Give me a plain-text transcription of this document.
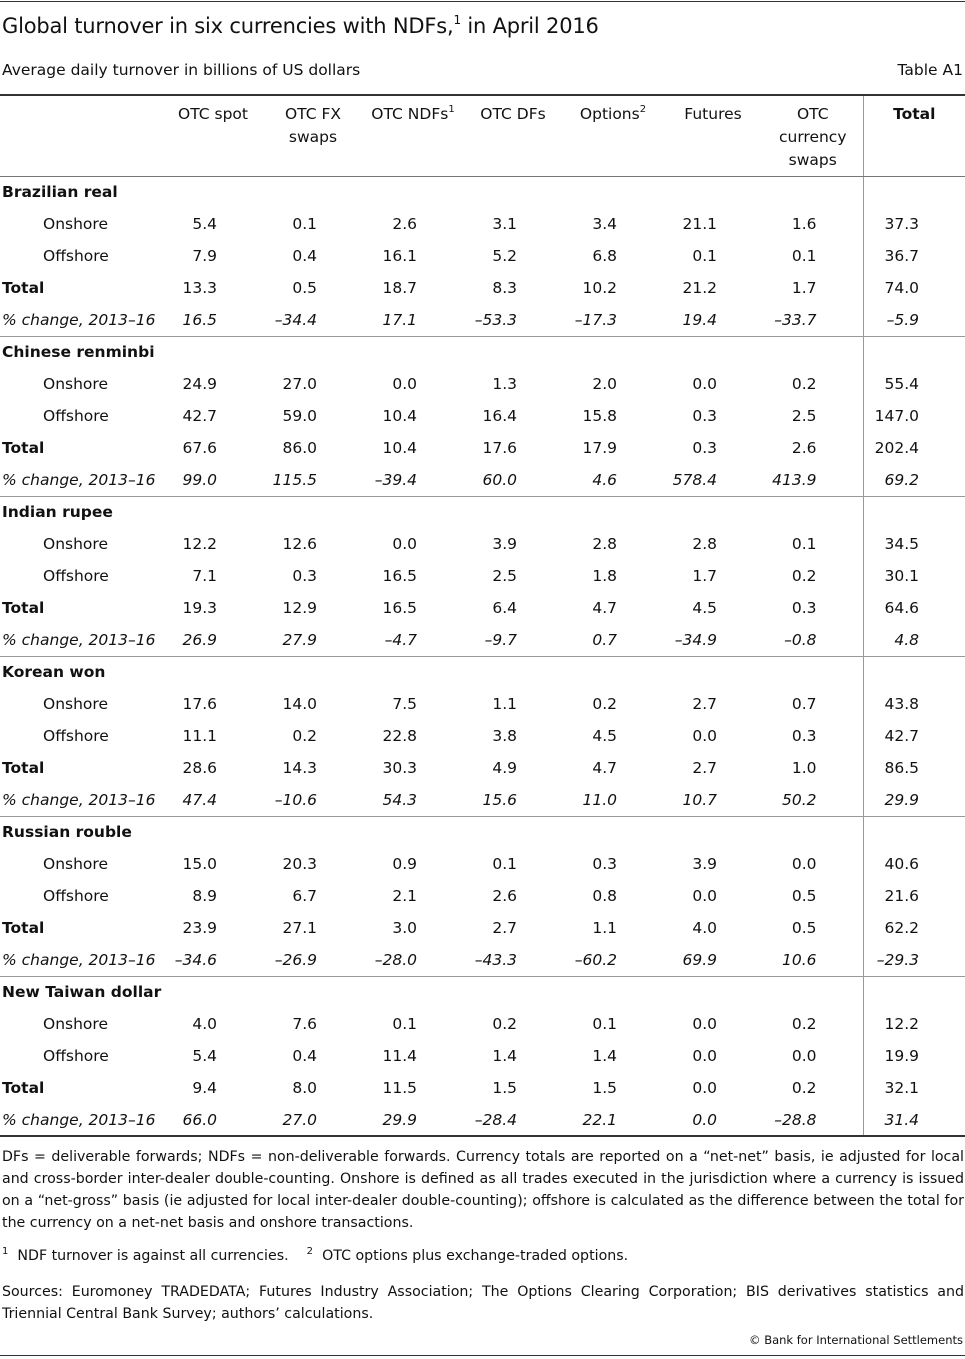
Global turnover in six currencies with NDFs,$^1$ in April 2016
Average daily turnover in billions of US dollars	Table A1
	OTC spot	OTC FX swaps	OTC NDFs$^1$	OTC DFs	Options$^2$	Futures	OTC currency swaps	Total
Brazilian real								
Onshore	5.4	0.1	2.6	3.1	3.4	21.1	1.6	37.3
Offshore	7.9	0.4	16.1	5.2	6.8	0.1	0.1	36.7
Total	13.3	0.5	18.7	8.3	10.2	21.2	1.7	74.0
% change, 2013–16	16.5	–34.4	17.1	–53.3	–17.3	19.4	–33.7	–5.9
Chinese renminbi								
Onshore	24.9	27.0	0.0	1.3	2.0	0.0	0.2	55.4
Offshore	42.7	59.0	10.4	16.4	15.8	0.3	2.5	147.0
Total	67.6	86.0	10.4	17.6	17.9	0.3	2.6	202.4
% change, 2013–16	99.0	115.5	–39.4	60.0	4.6	578.4	413.9	69.2
Indian rupee								
Onshore	12.2	12.6	0.0	3.9	2.8	2.8	0.1	34.5
Offshore	7.1	0.3	16.5	2.5	1.8	1.7	0.2	30.1
Total	19.3	12.9	16.5	6.4	4.7	4.5	0.3	64.6
% change, 2013–16	26.9	27.9	–4.7	–9.7	0.7	–34.9	–0.8	4.8
Korean won								
Onshore	17.6	14.0	7.5	1.1	0.2	2.7	0.7	43.8
Offshore	11.1	0.2	22.8	3.8	4.5	0.0	0.3	42.7
Total	28.6	14.3	30.3	4.9	4.7	2.7	1.0	86.5
% change, 2013–16	47.4	–10.6	54.3	15.6	11.0	10.7	50.2	29.9
Russian rouble								
Onshore	15.0	20.3	0.9	0.1	0.3	3.9	0.0	40.6
Offshore	8.9	6.7	2.1	2.6	0.8	0.0	0.5	21.6
Total	23.9	27.1	3.0	2.7	1.1	4.0	0.5	62.2
% change, 2013–16	–34.6	–26.9	–28.0	–43.3	–60.2	69.9	10.6	–29.3
New Taiwan dollar								
Onshore	4.0	7.6	0.1	0.2	0.1	0.0	0.2	12.2
Offshore	5.4	0.4	11.4	1.4	1.4	0.0	0.0	19.9
Total	9.4	8.0	11.5	1.5	1.5	0.0	0.2	32.1
% change, 2013–16	66.0	27.0	29.9	–28.4	22.1	0.0	–28.8	31.4
DFs = deliverable forwards; NDFs = non-deliverable forwards. Currency totals are reported on a “net-net” basis, ie adjusted for local and cross-border inter-dealer double-counting. Onshore is defined as all trades executed in the jurisdiction where a currency is issued on a “net-gross” basis (ie adjusted for local inter-dealer double-counting); offshore is calculated as the difference between the total for the currency on a net-net basis and onshore transactions.
$^1$ NDF turnover is against all currencies. $^2$ OTC options plus exchange-traded options.
Sources: Euromoney TRADEDATA; Futures Industry Association; The Options Clearing Corporation; BIS derivatives statistics and Triennial Central Bank Survey; authors’ calculations.
© Bank for International Settlements
